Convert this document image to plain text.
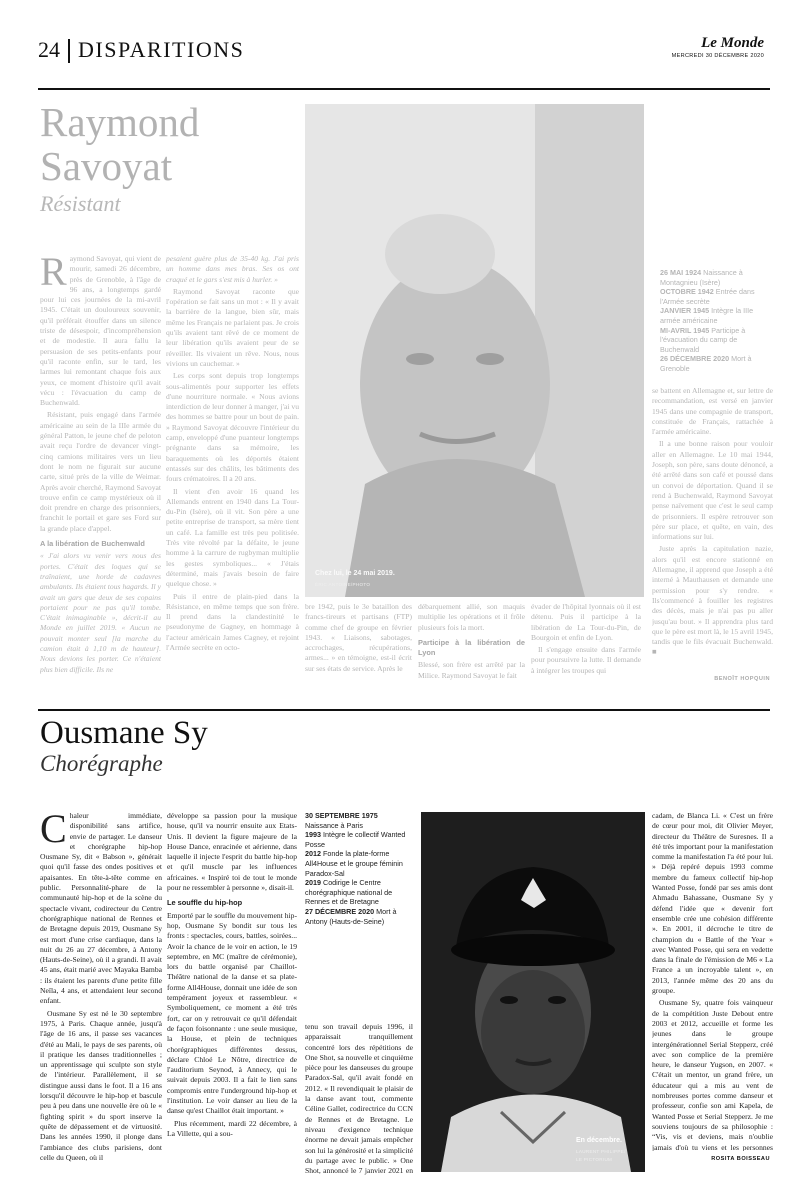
24 DISPARITIONS	Le Monde
MERCREDI 30 DÉCEMBRE 2020
Raymond
Savoyat
Résistant
Chez lui, le 24 mai 2019.
ÉRIC ANTOINE/PHOTO
26 MAI 1924 Naissance à Montagnieu (Isère)
OCTOBRE 1942 Entrée dans l'Armée secrète
JANVIER 1945 Intègre la IIIe armée américaine
MI-AVRIL 1945 Participe à l'évacuation du camp de Buchenwald
26 DÉCEMBRE 2020 Mort à Grenoble

Raymond Savoyat, qui vient de mourir, samedi 26 décembre, près de Grenoble, à l'âge de 96 ans, a longtemps gardé pour lui ces journées de la mi-avril 1945. C'était un douloureux souvenir, qu'il préférait étouffer dans un silence triste de désespoir, d'incompréhension et de modestie. Il aura fallu la persuasion de ses petits-enfants pour qu'il raconte enfin, sur le tard, les larmes lui remontant chaque fois aux yeux, ce moment d'histoire qu'il avait vécu : l'évacuation du camp de Buchenwald.

Résistant, puis engagé dans l'armée américaine au sein de la IIIe armée du général Patton, le jeune chef de peloton avait reçu l'ordre de devancer vingt-cinq camions militaires vers un lieu dont le nom ne figurait sur aucune carte, situé près de la ville de Weimar. Après avoir cherché, Raymond Savoyat trouve enfin ce camp mystérieux où il doit prendre en charge des prisonniers, franchit le portail et gare ses Ford sur la grande place d'appel.

A la libération de Buchenwald

« J'ai alors vu venir vers nous des portes. C'était des loques qui se traînaient, une horde de cadavres ambulants. Ils étaient tous hagards. Il y avait un gars que deux de ses copains portaient pour ne pas qu'il tombe. C'était inimaginable », décrit-il au Monde en juillet 2019. « Aucun ne pouvait monter seul [la marche du camion était à 1,10 m de hauteur]. Nous devions les porter. Ce n'étaient plus bien difficile. Ils ne

pesaient guère plus de 35-40 kg. J'ai pris un homme dans mes bras. Ses os ont craqué et le gars s'est mis à hurler. »

Raymond Savoyat raconte que l'opération se fait sans un mot : « Il y avait la barrière de la langue, bien sûr, mais même les Français ne parlaient pas. Je crois qu'ils avaient tant rêvé de ce moment de leur libération qu'ils avaient peur de se réveiller. Ils vivaient un rêve. Nous, nous vivions un cauchemar. »

Les corps sont depuis trop longtemps sous-alimentés pour supporter les effets d'une nourriture normale. « Nous avions interdiction de leur donner à manger, j'ai vu des hommes se battre pour un bout de pain. » Raymond Savoyat découvre l'intérieur du camp, enveloppé d'une puanteur longtemps prégnante dans sa mémoire, les baraquements où les déportés étaient entassés sur des châlits, les bâtiments des fours crématoires. Il a 20 ans.

Il vient d'en avoir 16 quand les Allemands entrent en 1940 dans La Tour-du-Pin (Isère), où il vit. Son père a une petite entreprise de transport, sa mère tient un café. La famille est très peu politisée. Très vite révolté par la défaite, le jeune homme à la carrure de rugbyman multiplie les gestes symboliques... « J'étais déterminé, mais j'avais besoin de faire quelque chose. »

Puis il entre de plain-pied dans la Résistance, en même temps que son frère. Il prend dans la clandestinité le pseudonyme de Gagney, en hommage à l'acteur américain James Cagney, et rejoint l'Armée secrète en octo-

bre 1942, puis le 3e bataillon des francs-tireurs et partisans (FTP) comme chef de groupe en février 1943. « Liaisons, sabotages, accrochages, récupérations, armes... » en témoigne, est-il écrit sur ses états de service. Après le

débarquement allié, son maquis multiplie les opérations et il frôle plusieurs fois la mort.

Participe à la libération de Lyon

Blessé, son frère est arrêté par la Milice. Raymond Savoyat le fait

évader de l'hôpital lyonnais où il est détenu. Puis il participe à la libération de La Tour-du-Pin, de Bourgoin et enfin de Lyon.

Il s'engage ensuite dans l'armée pour poursuivre la lutte. Il demande à intégrer les troupes qui

se battent en Allemagne et, sur lettre de recommandation, est versé en janvier 1945 dans une compagnie de transport, constituée de Français, rattachée à l'armée américaine.

Il a une bonne raison pour vouloir aller en Allemagne. Le 10 mai 1944, Joseph, son père, sans doute dénoncé, a été arrêté dans son café et poussé dans un convoi de déportation. Quand il se rend à Buchenwald, Raymond Savoyat pense naïvement que c'est le seul camp de prisonniers. Il espère retrouver son père sur place, et quête, en vain, des informations sur lui.

Juste après la capitulation nazie, alors qu'il est encore stationné en Allemagne, il apprend que Joseph a été interné à Mauthausen et demande une permission pour s'y rendre. « Ils'commencé à fouiller les registres des décès, mais je n'ai pas pu aller jusqu'au bout. » Il apprendra plus tard que le père est mort là, le 15 avril 1945, tandis que le fils évacuait Buchenwald. ■

BENOÎT HOPQUIN
Ousmane Sy
Chorégraphe
30 SEPTEMBRE 1975 Naissance à Paris
1993 Intègre le collectif Wanted Posse
2012 Fonde la plate-forme All4House et le groupe féminin Paradox-Sal
2019 Codirige le Centre chorégraphique national de Rennes et de Bretagne
27 DÉCEMBRE 2020 Mort à Antony (Hauts-de-Seine)
En décembre.
LAURENT PHILIPPE/
LE PICTORIUM

Chaleur immédiate, disponibilité sans artifice, envie de partager. Le danseur et chorégraphe hip-hop Ousmane Sy, dit « Babson », générait quoi qu'il fasse des ondes positives et apaisantes. En tête-à-tête comme en public. Personnalité-phare de la communauté hip-hop et de la scène du spectacle vivant, codirecteur du Centre chorégraphique national de Rennes et de Bretagne depuis 2019, Ousmane Sy est mort d'une crise cardiaque, dans la nuit du 26 au 27 décembre, à Antony (Hauts-de-Seine), où il a grandi. Il avait 45 ans, était marié avec Mayaka Bamba : ils étaient les parents d'une petite fille Neïla, 4 ans, et attendaient leur second enfant.

Ousmane Sy est né le 30 septembre 1975, à Paris. Chaque année, jusqu'à l'âge de 16 ans, il passe ses vacances d'été au Mali, le pays de ses parents, où il pratique les danses traditionnelles ; un apprentissage qui sculpte son style de l'intérieur. Parallèlement, il se distingue aussi dans le foot. Il a 16 ans lorsqu'il découvre le hip-hop et bascule peu à peu dans une nouvelle ère où le « fighting spirit » du sport inserve la quête de dépassement et de virtuosité. Dans les années 1990, il plonge dans l'ambiance des clubs parisiens, dont celle du Queen, où il

développe sa passion pour la musique house, qu'il va nourrir ensuite aux Etats-Unis. Il devient la figure majeure de la House Dance, enracinée et aérienne, dans laquelle il injecte l'esprit du battle hip-hop et qu'il muscle par les influences africaines. « Inspiré toi de tout le monde pour ne ressembler à personne », disait-il.

Le souffle du hip-hop

Emporté par le souffle du mouvement hip-hop, Ousmane Sy bondit sur tous les fronts : spectacles, cours, battles, soirées... Avoir la chance de le voir en action, le 19 septembre, en MC (maître de cérémonie), lors du battle organisé par Chaillot-Théâtre national de la danse et sa plate-forme All4House, donnait une idée de son tempérament joyeux et rassembleur. « Symboliquement, ce moment a été très fort, car on y retrouvait ce qu'il défendait de façon foisonnante : une seule musique, la House, et plein de techniques chorégraphiques différentes dessus, déclare Chloé Le Nôtre, directrice de l'auditorium Seynod, à Annecy, qui le suivait depuis 2003. Il a fait le lien sans compromis entre l'underground hip-hop et l'institution. Le voir danser au lieu de la danse qu'est Chaillot était important. »

Plus récemment, mardi 22 décembre, à La Villette, qui a sou-

tenu son travail depuis 1996, il apparaissait tranquillement concentré lors des répétitions de One Shot, sa nouvelle et cinquième pièce pour les danseuses du groupe Paradox-Sal, qu'il avait fondé en 2012. « Il revendiquait le plaisir de la danse avant tout, commente Céline Gallet, codirectrice du CCN de Rennes et de Bretagne. Le niveau d'exigence technique énorme ne devait jamais empêcher son lui la générosité et la simplicité du partage avec le public. » One Shot, annoncé le 7 janvier 2021 en

cadam, de Blanca Li. « C'est un frère de cœur pour moi, dit Olivier Meyer, directeur du Théâtre de Suresnes. Il a été très important pour la manifestation comme la manifestation l'a été pour lui. » Déjà repéré depuis 1993 comme membre du fameux collectif hip-hop Wanted Posse, fondé par ses amis dont Ahmadu Bahassane, Ousmane Sy y défend l'idée que « devenir fort ensemble crée une cohésion différente ». En 2001, il décroche le titre de champion du « Battle of the Year » avec Wanted Posse, qui sera en vedette dans la finale de l'émission de M6 « La France a un incroyable talent », en 2013, l'année même des 20 ans du groupe.

Ousmane Sy, quatre fois vainqueur de la compétition Juste Debout entre 2003 et 2012, accueille et forme les jeunes dans le groupe intergénérationnel Serial Stepperz, créé avec son complice de la première heure, le danseur Yugson, en 2007. « C'était un mentor, un grand frère, un éducateur qui a mis au vent de nombreuses portes comme danseur et professeur, confie son ami Kapela, de Wanted Posse et Serial Stepperz. Je me souviens toujours de sa philosophie : “Vis, vis et deviens, mais n'oublie jamais d'où tu viens et les personnes

ROSITA BOISSEAU
